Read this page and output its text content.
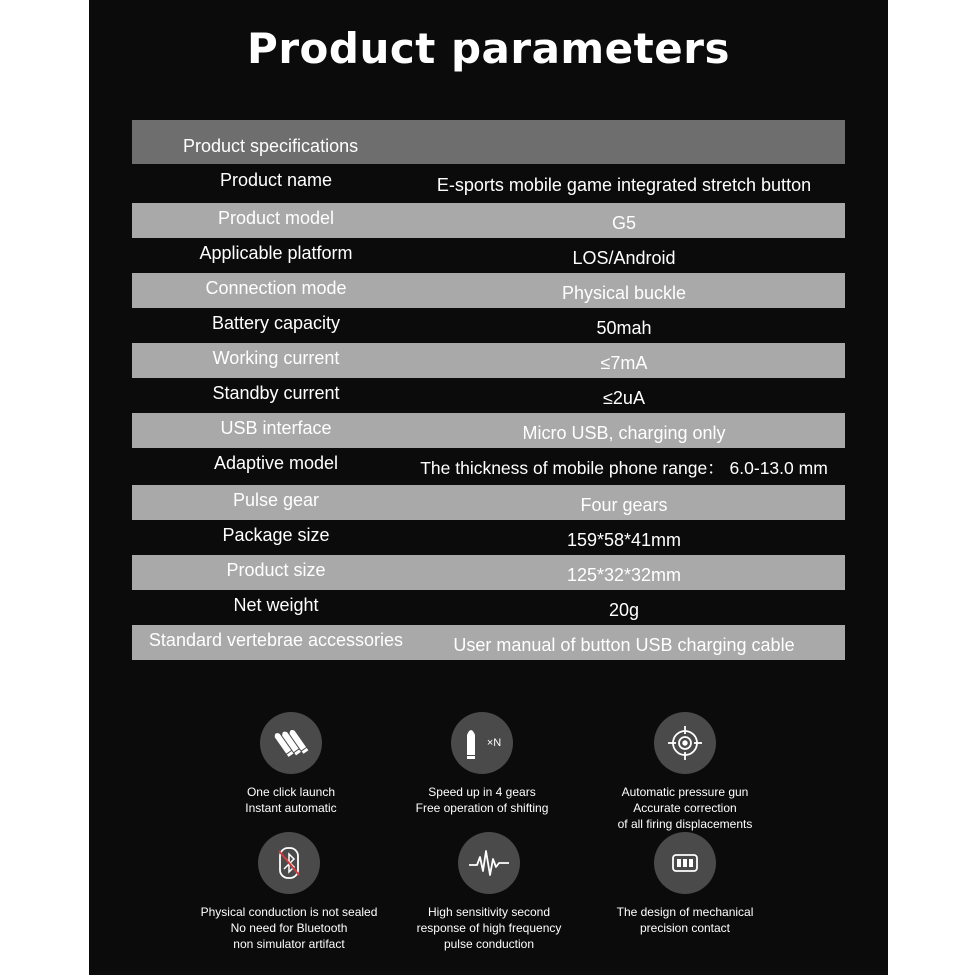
Product parameters
Product specifications
Product name	E-sports mobile game integrated stretch button
Product model	G5
Applicable platform	LOS/Android
Connection mode	Physical buckle
Battery capacity	50mah
Working current	≤7mA
Standby current	≤2uA
USB interface	Micro USB, charging only
Adaptive model	The thickness of mobile phone range： 6.0-13.0 mm
Pulse gear	Four gears
Package size	159*58*41mm
Product size	125*32*32mm
Net weight	20g
Standard vertebrae accessories	User manual of button USB charging cable
One click launch
Instant automatic
×N
Speed up in 4 gears
Free operation of shifting
Automatic pressure gun
Accurate correction
of all firing displacements
Physical conduction is not sealed
No need for Bluetooth
non simulator artifact
High sensitivity second
response of high frequency
pulse conduction
The design of mechanical
precision contact
